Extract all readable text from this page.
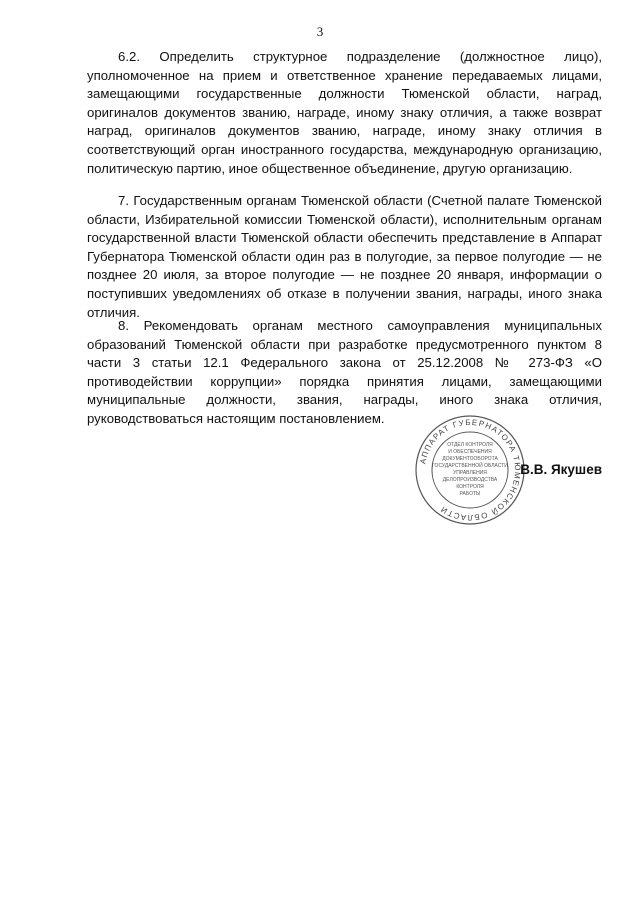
3

6.2. Определить структурное подразделение (должностное лицо), уполномоченное на прием и ответственное хранение передаваемых лицами, замещающими государственные должности Тюменской области, наград, оригиналов документов званию, награде, иному знаку отличия, а также возврат наград, оригиналов документов званию, награде, иному знаку отличия в соответствующий орган иностранного государства, международную организацию, политическую партию, иное общественное объединение, другую организацию.

7. Государственным органам Тюменской области (Счетной палате Тюменской области, Избирательной комиссии Тюменской области), исполнительным органам государственной власти Тюменской области обеспечить представление в Аппарат Губернатора Тюменской области один раз в полугодие, за первое полугодие — не позднее 20 июля, за второе полугодие — не позднее 20 января, информации о поступивших уведомлениях об отказе в получении звания, награды, иного знака отличия.

8. Рекомендовать органам местного самоуправления муниципальных образований Тюменской области при разработке предусмотренного пунктом 8 части 3 статьи 12.1 Федерального закона от 25.12.2008 № 273-ФЗ «О противодействии коррупции» порядка принятия лицами, замещающими муниципальные должности, звания, награды, иного знака отличия, руководствоваться настоящим постановлением.

АППАРАТ ГУБЕРНАТОРА ТЮМЕНСКОЙ ОБЛАСТИ
ОТДЕЛ КОНТРОЛЯ
И ОБЕСПЕЧЕНИЯ
ДОКУМЕНТООБОРОТА
ГОСУДАРСТВЕННОЙ ОБЛАСТИ
УПРАВЛЕНИЯ
ДЕЛОПРОИЗВОДСТВА
КОНТРОЛЯ
РАБОТЫ
В.В. Якушев
